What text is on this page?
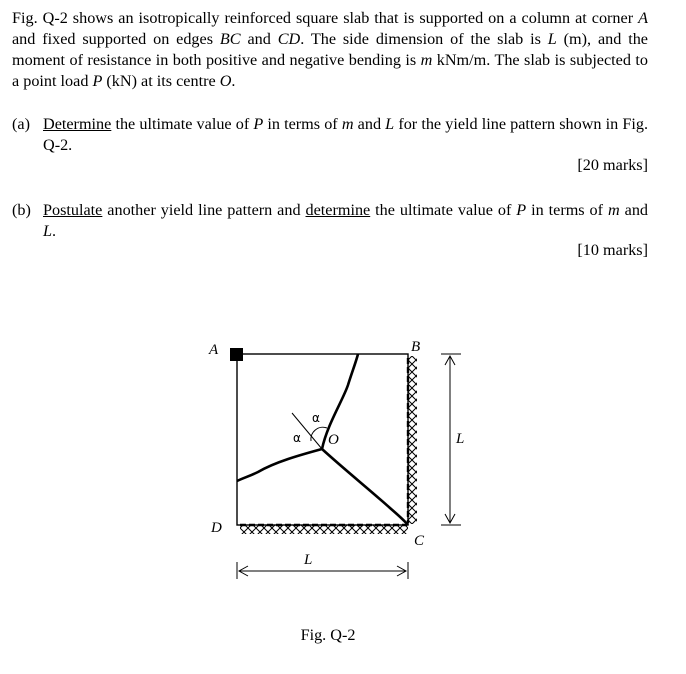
Fig. Q-2 shows an isotropically reinforced square slab that is supported on a column at corner A and fixed supported on edges BC and CD. The side dimension of the slab is L (m), and the moment of resistance in both positive and negative bending is m kNm/m. The slab is subjected to a point load P (kN) at its centre O.
(a) Determine the ultimate value of P in terms of m and L for the yield line pattern shown in Fig. Q-2.
[20 marks]
(b) Postulate another yield line pattern and determine the ultimate value of P in terms of m and L.
[10 marks]
A	B
C
D
O
α
α	L
L
Fig. Q-2
